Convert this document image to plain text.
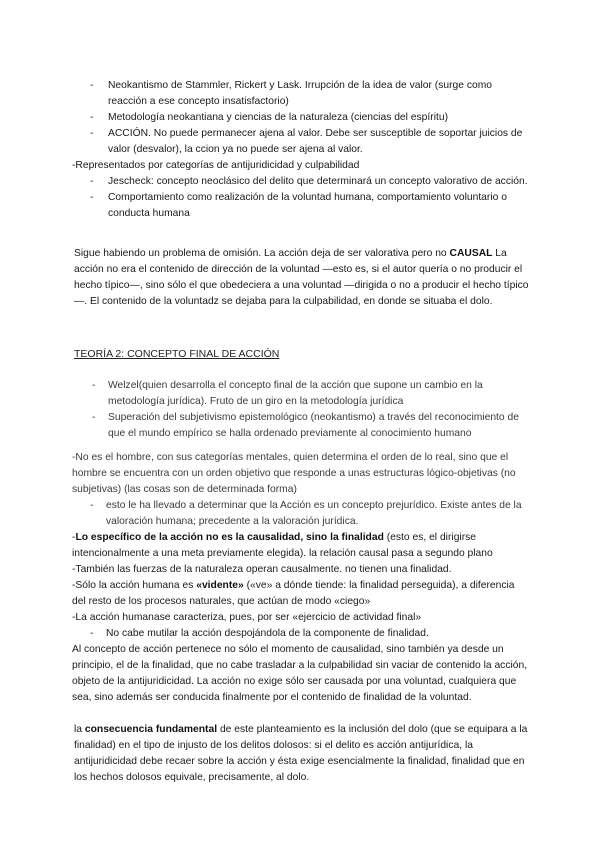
- Neokantismo de Stammler, Rickert y Lask. Irrupción de la idea de valor (surge como reacción a ese concepto insatisfactorio)
- Metodología neokantiana y ciencias de la naturaleza (ciencias del espíritu)
- ACCIÓN. No puede permanecer ajena al valor. Debe ser susceptible de soportar juicios de valor (desvalor), la ccion ya no puede ser ajena al valor.

-Representados por categorías de antijuridicidad y culpabilidad

- Jescheck: concepto neoclásico del delito que determinará un concepto valorativo de acción.
- Comportamiento como realización de la voluntad humana, comportamiento voluntario o conducta humana

Sigue habiendo un problema de omisión. La acción deja de ser valorativa pero no CAUSAL La acción no era el contenido de dirección de la voluntad —esto es, si el autor quería o no producir el hecho típico—, sino sólo el que obedeciera a una voluntad —dirigida o no a producir el hecho típico—. El contenido de la voluntadz se dejaba para la culpabilidad, en donde se situaba el dolo.

TEORÍA 2: CONCEPTO FINAL DE ACCIÓN

- Welzel(quien desarrolla el concepto final de la acción que supone un cambio en la metodología jurídica). Fruto de un giro en la metodología jurídica
- Superación del subjetivismo epistemológico (neokantismo) a través del reconocimiento de que el mundo empírico se halla ordenado previamente al conocimiento humano

-No es el hombre, con sus categorías mentales, quien determina el orden de lo real, sino que el hombre se encuentra con un orden objetivo que responde a unas estructuras lógico-objetivas (no subjetivas) (las cosas son de determinada forma)

- esto le ha llevado a determinar que la Acción es un concepto prejurídico. Existe antes de la valoración humana; precedente a la valoración jurídica.

-Lo específico de la acción no es la causalidad, sino la finalidad (esto es, el dirigirse intencionalmente a una meta previamente elegida). la relación causal pasa a segundo plano

-También las fuerzas de la naturaleza operan causalmente. no tienen una finalidad.

-Sólo la acción humana es «vidente» («ve» a dónde tiende: la finalidad perseguida), a diferencia del resto de los procesos naturales, que actúan de modo «ciego»

-La acción humanase caracteriza, pues, por ser «ejercicio de actividad final»

- No cabe mutilar la acción despojándola de la componente de finalidad.

Al concepto de acción pertenece no sólo el momento de causalidad, sino también ya desde un principio, el de la finalidad, que no cabe trasladar a la culpabilidad sin vaciar de contenido la acción, objeto de la antijuridicidad. La acción no exige sólo ser causada por una voluntad, cualquiera que sea, sino además ser conducida finalmente por el contenido de finalidad de la voluntad.

la consecuencia fundamental de este planteamiento es la inclusión del dolo (que se equipara a la finalidad) en el tipo de injusto de los delitos dolosos: si el delito es acción antijurídica, la antijuridicidad debe recaer sobre la acción y ésta exige esencialmente la finalidad, finalidad que en los hechos dolosos equivale, precisamente, al dolo.
